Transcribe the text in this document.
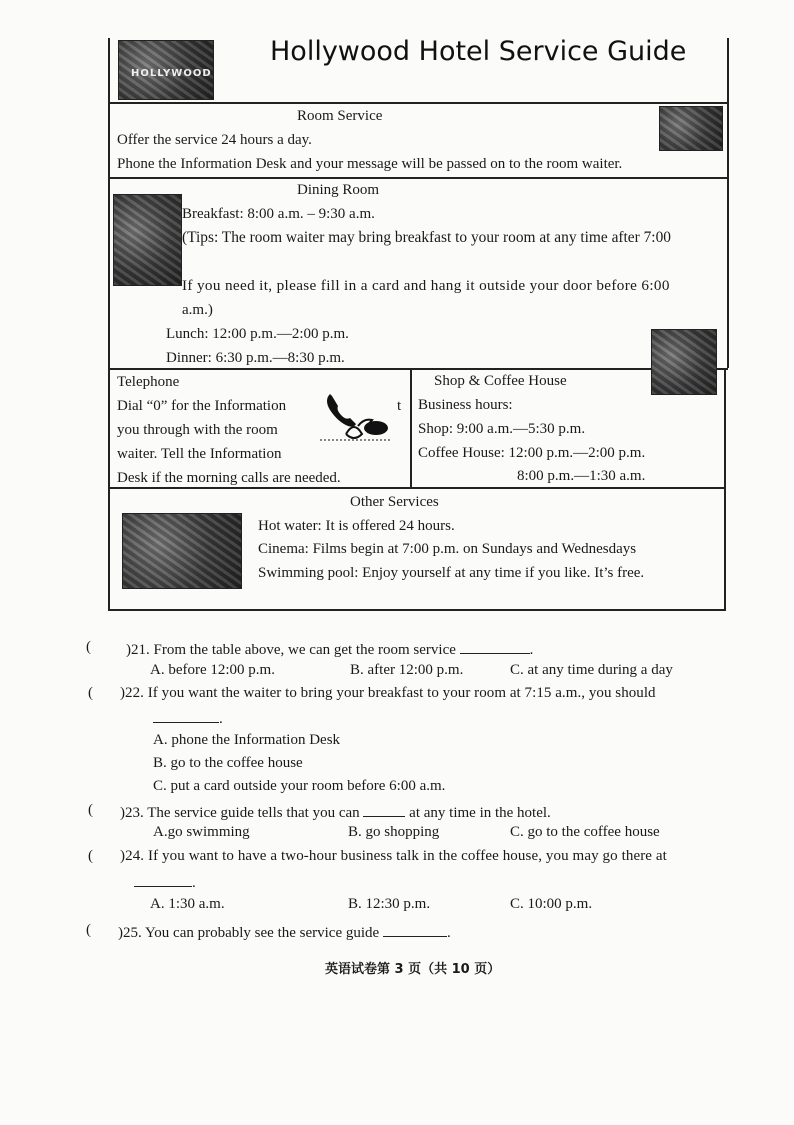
HOLLYWOOD
Hollywood Hotel Service Guide
Room Service
Offer the service 24 hours a day.
Phone the Information Desk and your message will be passed on to the room waiter.
Dining Room
Breakfast: 8:00 a.m. – 9:30 a.m.
(Tips: The room waiter may bring breakfast to your room at any time after 7:00
If you need it, please fill in a card and hang it outside your door before 6:00
a.m.)
Lunch: 12:00 p.m.—2:00 p.m.
Dinner: 6:30 p.m.—8:30 p.m.
Telephone
Dial “0” for the Information	t
you through with the room
waiter. Tell the Information
Desk if the morning calls are needed.
Shop & Coffee House
Business hours:
Shop: 9:00 a.m.—5:30 p.m.
Coffee House: 12:00 p.m.—2:00 p.m.
8:00 p.m.—1:30 a.m.
Other Services
Hot water: It is offered 24 hours.
Cinema: Films begin at 7:00 p.m. on Sundays and Wednesdays
Swimming pool: Enjoy yourself at any time if you like. It’s free.
( )21. From the table above, we can get the room service	.
A. before 12:00 p.m.	B. after 12:00 p.m.	C. at any time during a day
( )22. If you want the waiter to bring your breakfast to your room at 7:15 a.m., you should
.
A. phone the Information Desk
B. go to the coffee house
C. put a card outside your room before 6:00 a.m.
( )23. The service guide tells that you can	at any time in the hotel.
A.go swimming	B. go shopping	C. go to the coffee house
( )24. If you want to have a two-hour business talk in the coffee house, you may go there at
.
A. 1:30 a.m.	B. 12:30 p.m.	C. 10:00 p.m.
( )25. You can probably see the service guide	.
英语试卷第 3 页（共 10 页）
